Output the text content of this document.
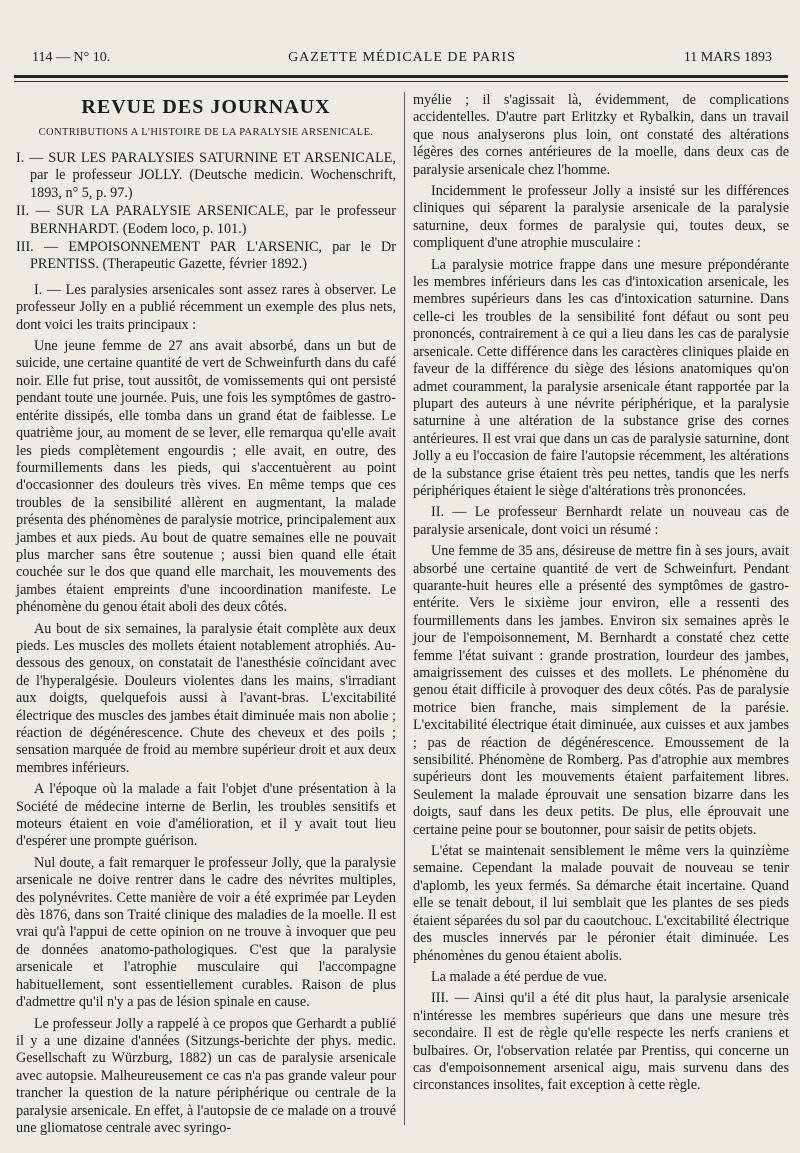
114 — N° 10.	GAZETTE MÉDICALE DE PARIS	11 MARS 1893
REVUE DES JOURNAUX
CONTRIBUTIONS A L'HISTOIRE DE LA PARALYSIE ARSENICALE.

I. — SUR LES PARALYSIES SATURNINE ET ARSENICALE, par le professeur JOLLY. (Deutsche medicin. Wochenschrift, 1893, n° 5, p. 97.)

II. — SUR LA PARALYSIE ARSENICALE, par le professeur BERNHARDT. (Eodem loco, p. 101.)

III. — EMPOISONNEMENT PAR L'ARSENIC, par le Dr PRENTISS. (Therapeutic Gazette, février 1892.)

I. — Les paralysies arsenicales sont assez rares à observer. Le professeur Jolly en a publié récemment un exemple des plus nets, dont voici les traits principaux :

Une jeune femme de 27 ans avait absorbé, dans un but de suicide, une certaine quantité de vert de Schweinfurth dans du café noir. Elle fut prise, tout aussitôt, de vomissements qui ont persisté pendant toute une journée. Puis, une fois les symptômes de gastro-entérite dissipés, elle tomba dans un grand état de faiblesse. Le quatrième jour, au moment de se lever, elle remarqua qu'elle avait les pieds complètement engourdis ; elle avait, en outre, des fourmillements dans les pieds, qui s'accentuèrent au point d'occasionner des douleurs très vives. En même temps que ces troubles de la sensibilité allèrent en augmentant, la malade présenta des phénomènes de paralysie motrice, principalement aux jambes et aux pieds. Au bout de quatre semaines elle ne pouvait plus marcher sans être soutenue ; aussi bien quand elle était couchée sur le dos que quand elle marchait, les mouvements des jambes étaient empreints d'une incoordination manifeste. Le phénomène du genou était aboli des deux côtés.

Au bout de six semaines, la paralysie était complète aux deux pieds. Les muscles des mollets étaient notablement atrophiés. Au-dessous des genoux, on constatait de l'anesthésie coïncidant avec de l'hyperalgésie. Douleurs violentes dans les mains, s'irradiant aux doigts, quelquefois aussi à l'avant-bras. L'excitabilité électrique des muscles des jambes était diminuée mais non abolie ; réaction de dégénérescence. Chute des cheveux et des poils ; sensation marquée de froid au membre supérieur droit et aux deux membres inférieurs.

A l'époque où la malade a fait l'objet d'une présentation à la Société de médecine interne de Berlin, les troubles sensitifs et moteurs étaient en voie d'amélioration, et il y avait tout lieu d'espérer une prompte guérison.

Nul doute, a fait remarquer le professeur Jolly, que la paralysie arsenicale ne doive rentrer dans le cadre des névrites multiples, des polynévrites. Cette manière de voir a été exprimée par Leyden dès 1876, dans son Traité clinique des maladies de la moelle. Il est vrai qu'à l'appui de cette opinion on ne trouve à invoquer que peu de données anatomo-pathologiques. C'est que la paralysie arsenicale et l'atrophie musculaire qui l'accompagne habituellement, sont essentiellement curables. Raison de plus d'admettre qu'il n'y a pas de lésion spinale en cause.

Le professeur Jolly a rappelé à ce propos que Gerhardt a publié il y a une dizaine d'années (Sitzungs-berichte der phys. medic. Gesellschaft zu Würzburg, 1882) un cas de paralysie arsenicale avec autopsie. Malheureusement ce cas n'a pas grande valeur pour trancher la question de la nature périphérique ou centrale de la paralysie arsenicale. En effet, à l'autopsie de ce malade on a trouvé une gliomatose centrale avec syringo-

myélie ; il s'agissait là, évidemment, de complications accidentelles. D'autre part Erlitzky et Rybalkin, dans un travail que nous analyserons plus loin, ont constaté des altérations légères des cornes antérieures de la moelle, dans deux cas de paralysie arsenicale chez l'homme.

Incidemment le professeur Jolly a insisté sur les différences cliniques qui séparent la paralysie arsenicale de la paralysie saturnine, deux formes de paralysie qui, toutes deux, se compliquent d'une atrophie musculaire :

La paralysie motrice frappe dans une mesure prépondérante les membres inférieurs dans les cas d'intoxication arsenicale, les membres supérieurs dans les cas d'intoxication saturnine. Dans celle-ci les troubles de la sensibilité font défaut ou sont peu prononcés, contrairement à ce qui a lieu dans les cas de paralysie arsenicale. Cette différence dans les caractères cliniques plaide en faveur de la différence du siège des lésions anatomiques qu'on admet couramment, la paralysie arsenicale étant rapportée par la plupart des auteurs à une névrite périphérique, et la paralysie saturnine à une altération de la substance grise des cornes antérieures. Il est vrai que dans un cas de paralysie saturnine, dont Jolly a eu l'occasion de faire l'autopsie récemment, les altérations de la substance grise étaient très peu nettes, tandis que les nerfs périphériques étaient le siège d'altérations très prononcées.

II. — Le professeur Bernhardt relate un nouveau cas de paralysie arsenicale, dont voici un résumé :

Une femme de 35 ans, désireuse de mettre fin à ses jours, avait absorbé une certaine quantité de vert de Schweinfurt. Pendant quarante-huit heures elle a présenté des symptômes de gastro-entérite. Vers le sixième jour environ, elle a ressenti des fourmillements dans les jambes. Environ six semaines après le jour de l'empoisonnement, M. Bernhardt a constaté chez cette femme l'état suivant : grande prostration, lourdeur des jambes, amaigrissement des cuisses et des mollets. Le phénomène du genou était difficile à provoquer des deux côtés. Pas de paralysie motrice bien franche, mais simplement de la parésie. L'excitabilité électrique était diminuée, aux cuisses et aux jambes ; pas de réaction de dégénérescence. Emoussement de la sensibilité. Phénomène de Romberg. Pas d'atrophie aux membres supérieurs dont les mouvements étaient parfaitement libres. Seulement la malade éprouvait une sensation bizarre dans les doigts, sauf dans les deux petits. De plus, elle éprouvait une certaine peine pour se boutonner, pour saisir de petits objets.

L'état se maintenait sensiblement le même vers la quinzième semaine. Cependant la malade pouvait de nouveau se tenir d'aplomb, les yeux fermés. Sa démarche était incertaine. Quand elle se tenait debout, il lui semblait que les plantes de ses pieds étaient séparées du sol par du caoutchouc. L'excitabilité électrique des muscles innervés par le péronier était diminuée. Les phénomènes du genou étaient abolis.

La malade a été perdue de vue.

III. — Ainsi qu'il a été dit plus haut, la paralysie arsenicale n'intéresse les membres supérieurs que dans une mesure très secondaire. Il est de règle qu'elle respecte les nerfs craniens et bulbaires. Or, l'observation relatée par Prentiss, qui concerne un cas d'empoisonnement arsenical aigu, mais survenu dans des circonstances insolites, fait exception à cette règle.
